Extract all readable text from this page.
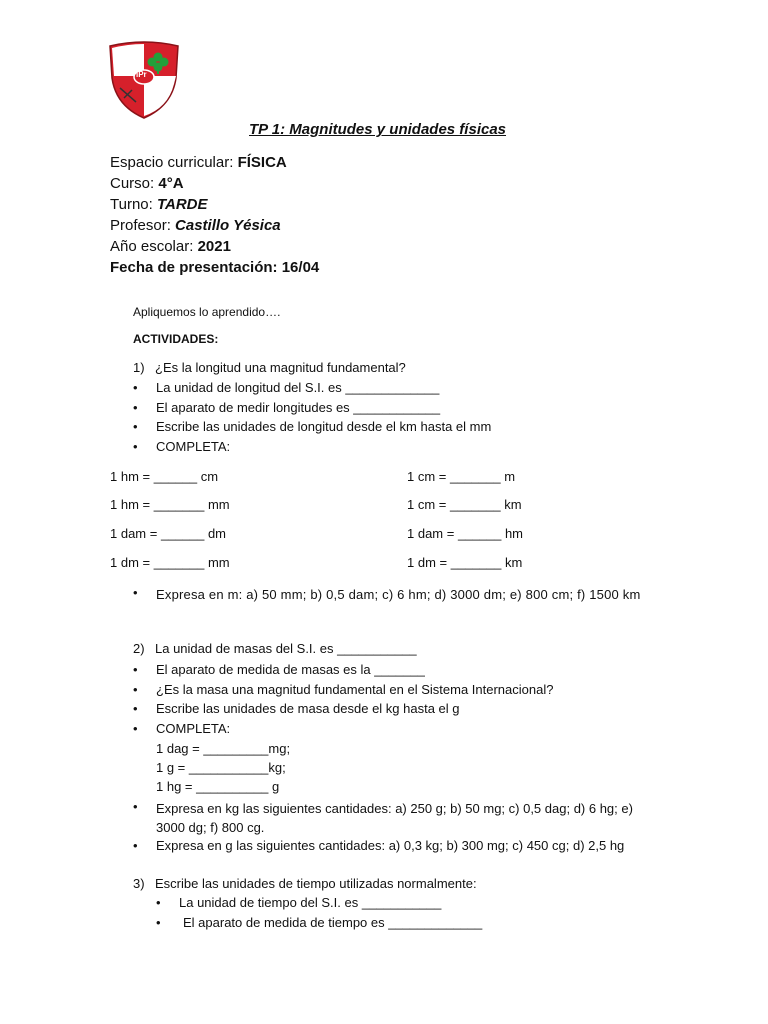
iPr
TP 1: Magnitudes y unidades físicas
Espacio curricular: FÍSICA
Curso: 4°A
Turno: TARDE
Profesor: Castillo Yésica
Año escolar: 2021
Fecha de presentación: 16/04
Apliquemos lo aprendido….
ACTIVIDADES:
1) ¿Es la longitud una magnitud fundamental?
• La unidad de longitud del S.I. es _____________
• El aparato de medir longitudes es ____________
• Escribe las unidades de longitud desde el km hasta el mm
• COMPLETA:
1 hm = ______ cm
1 hm = _______ mm
1 dam = ______ dm
1 dm = _______ mm
1 cm = _______ m
1 cm = _______ km
1 dam = ______ hm
1 dm = _______ km
• Expresa en m: a) 50 mm; b) 0,5 dam; c) 6 hm; d) 3000 dm; e) 800 cm; f) 1500 km
2) La unidad de masas del S.I. es ___________
• El aparato de medida de masas es la _______
• ¿Es la masa una magnitud fundamental en el Sistema Internacional?
• Escribe las unidades de masa desde el kg hasta el g
• COMPLETA:
1 dag = _________mg;
1 g = ___________kg;
1 hg = __________ g
• Expresa en kg las siguientes cantidades: a) 250 g; b) 50 mg; c) 0,5 dag; d) 6 hg; e) 3000 dg; f) 800 cg.
• Expresa en g las siguientes cantidades: a) 0,3 kg; b) 300 mg; c) 450 cg; d) 2,5 hg
3) Escribe las unidades de tiempo utilizadas normalmente:
• La unidad de tiempo del S.I. es ___________
• El aparato de medida de tiempo es _____________
